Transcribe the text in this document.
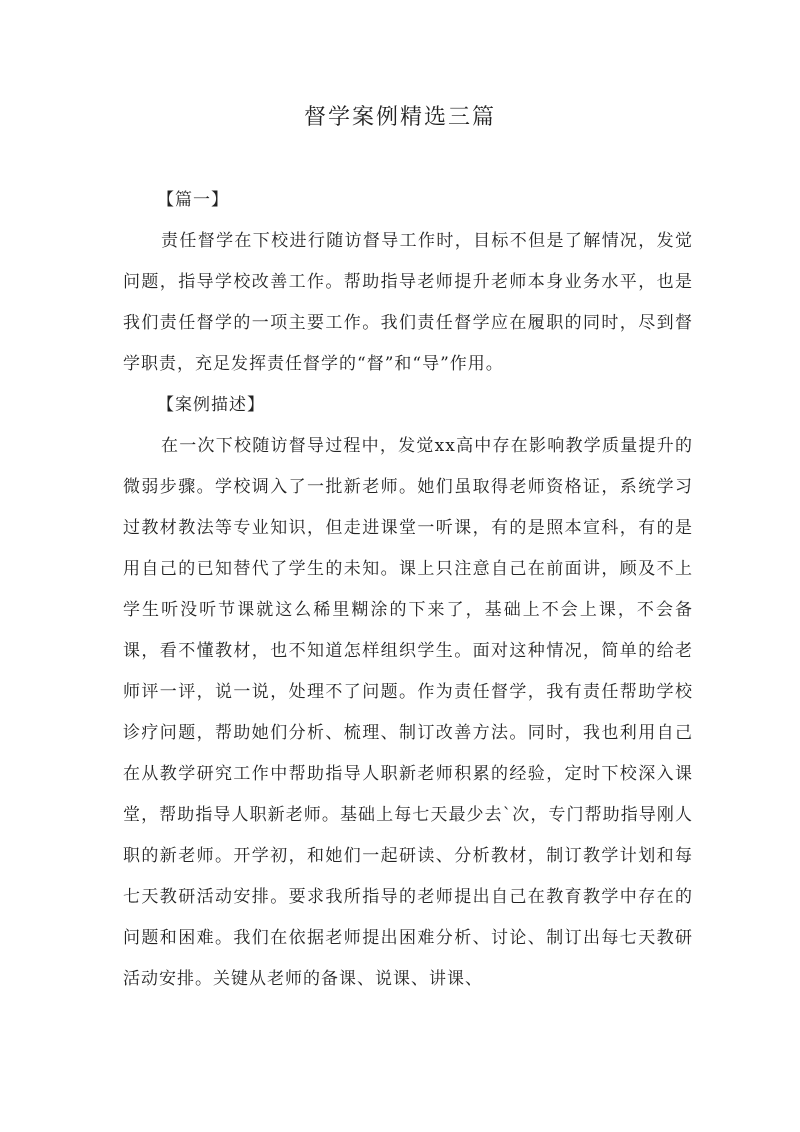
督学案例精选三篇

【篇一】

责任督学在下校进行随访督导工作时，目标不但是了解情况，发觉问题，指导学校改善工作。帮助指导老师提升老师本身业务水平，也是我们责任督学的一项主要工作。我们责任督学应在履职的同时，尽到督学职责，充足发挥责任督学的“督”和“导”作用。

【案例描述】

在一次下校随访督导过程中，发觉xx高中存在影响教学质量提升的微弱步骤。学校调入了一批新老师。她们虽取得老师资格证，系统学习过教材教法等专业知识，但走进课堂一听课，有的是照本宣科，有的是用自己的已知替代了学生的未知。课上只注意自己在前面讲，顾及不上学生听没听节课就这么稀里糊涂的下来了，基础上不会上课，不会备课，看不懂教材，也不知道怎样组织学生。面对这种情况，简单的给老师评一评，说一说，处理不了问题。作为责任督学，我有责任帮助学校诊疗问题，帮助她们分析、梳理、制订改善方法。同时，我也利用自己在从教学研究工作中帮助指导人职新老师积累的经验，定时下校深入课堂，帮助指导人职新老师。基础上每七天最少去`次，专门帮助指导刚人职的新老师。开学初，和她们一起研读、分析教材，制订教学计划和每七天教研活动安排。要求我所指导的老师提出自己在教育教学中存在的问题和困难。我们在依据老师提出困难分析、讨论、制订出每七天教研活动安排。关键从老师的备课、说课、讲课、
